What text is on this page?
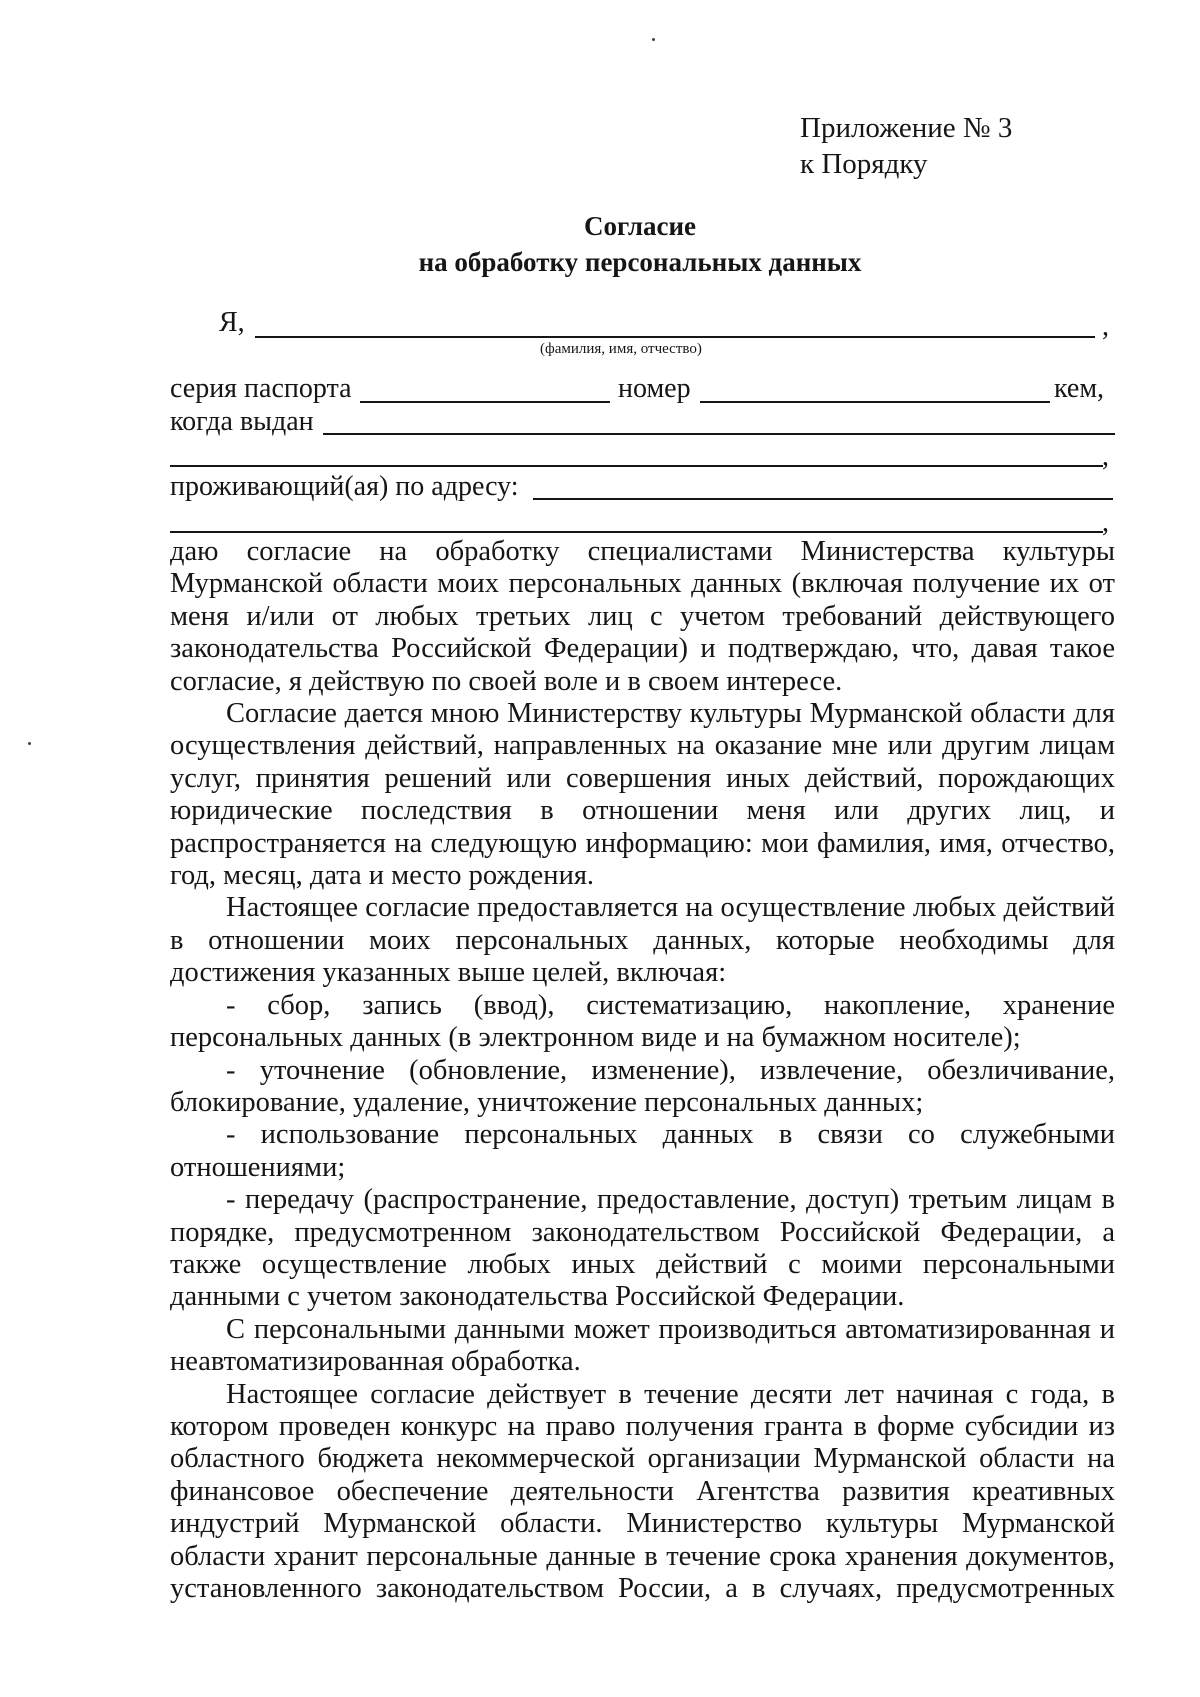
Приложение № 3
к Порядку
Согласие
на обработку персональных данных
Я,	,
(фамилия, имя, отчество)
серия паспорта	номер	кем,
когда выдан
,
проживающий(ая) по адресу:
,

даю согласие на обработку специалистами Министерства культуры Мурманской области моих персональных данных (включая получение их от меня и/или от любых третьих лиц с учетом требований действующего законодательства Российской Федерации) и подтверждаю, что, давая такое согласие, я действую по своей воле и в своем интересе.

Согласие дается мною Министерству культуры Мурманской области для осуществления действий, направленных на оказание мне или другим лицам услуг, принятия решений или совершения иных действий, порождающих юридические последствия в отношении меня или других лиц, и распространяется на следующую информацию: мои фамилия, имя, отчество, год, месяц, дата и место рождения.

Настоящее согласие предоставляется на осуществление любых действий в отношении моих персональных данных, которые необходимы для достижения указанных выше целей, включая:

- сбор, запись (ввод), систематизацию, накопление, хранение персональных данных (в электронном виде и на бумажном носителе);

- уточнение (обновление, изменение), извлечение, обезличивание, блокирование, удаление, уничтожение персональных данных;

- использование персональных данных в связи со служебными отношениями;

- передачу (распространение, предоставление, доступ) третьим лицам в порядке, предусмотренном законодательством Российской Федерации, а также осуществление любых иных действий с моими персональными данными с учетом законодательства Российской Федерации.

С персональными данными может производиться автоматизированная и неавтоматизированная обработка.

Настоящее согласие действует в течение десяти лет начиная с года, в котором проведен конкурс на право получения гранта в форме субсидии из областного бюджета некоммерческой организации Мурманской области на финансовое обеспечение деятельности Агентства развития креативных индустрий Мурманской области. Министерство культуры Мурманской области хранит персональные данные в течение срока хранения документов, установленного законодательством России, а в случаях, предусмотренных
